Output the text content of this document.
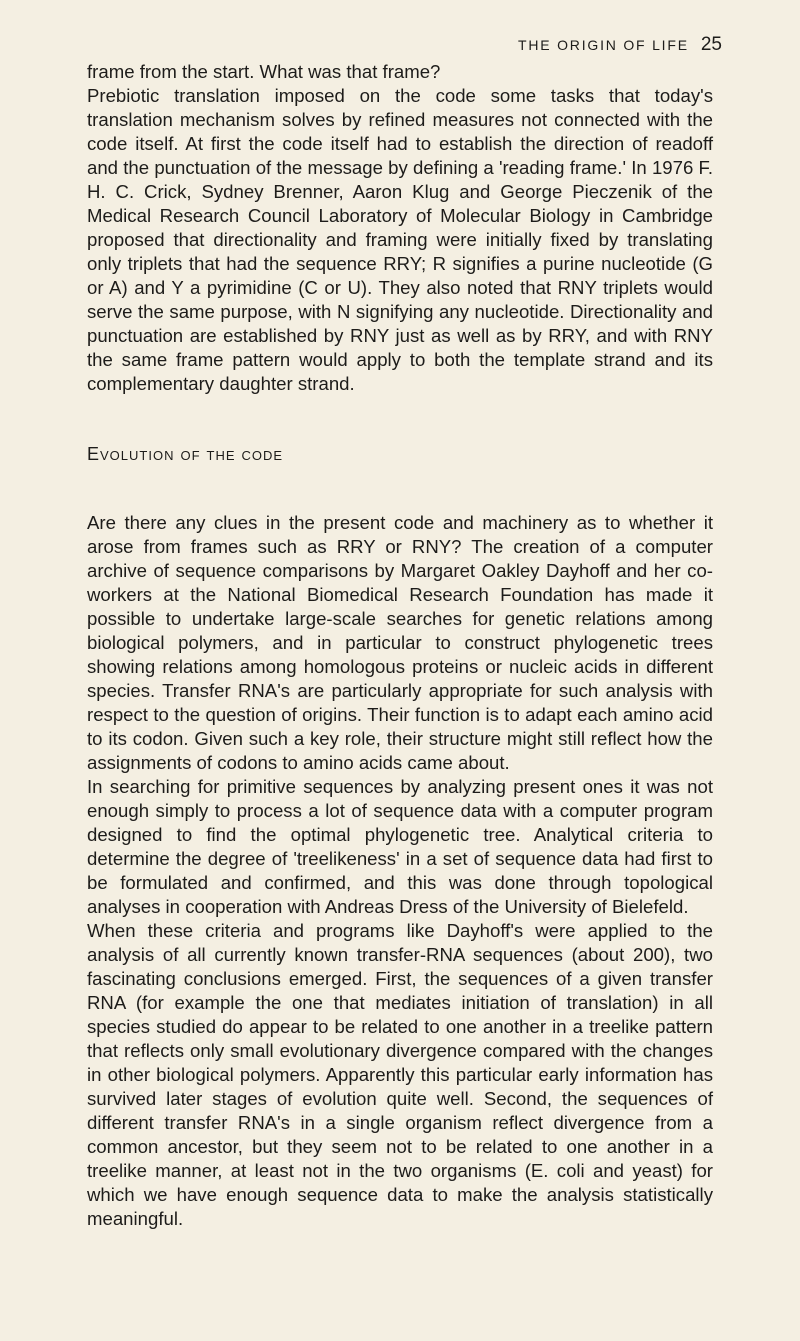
THE ORIGIN OF LIFE 25

frame from the start. What was that frame?

Prebiotic translation imposed on the code some tasks that today's translation mechanism solves by refined measures not connected with the code itself. At first the code itself had to establish the direction of readoff and the punctuation of the message by defining a 'reading frame.' In 1976 F. H. C. Crick, Sydney Brenner, Aaron Klug and George Pieczenik of the Medical Research Council Laboratory of Molecular Biology in Cambridge proposed that directionality and framing were initially fixed by translating only triplets that had the sequence RRY; R signifies a purine nucleotide (G or A) and Y a pyrimidine (C or U). They also noted that RNY triplets would serve the same purpose, with N signifying any nucleotide. Directionality and punctuation are established by RNY just as well as by RRY, and with RNY the same frame pattern would apply to both the template strand and its complementary daughter strand.

Evolution of the code

Are there any clues in the present code and machinery as to whether it arose from frames such as RRY or RNY? The creation of a computer archive of sequence comparisons by Margaret Oakley Dayhoff and her co-workers at the National Biomedical Research Foundation has made it possible to undertake large-scale searches for genetic relations among biological polymers, and in particular to construct phylogenetic trees showing relations among homologous proteins or nucleic acids in different species. Transfer RNA's are particularly appropriate for such analysis with respect to the question of origins. Their function is to adapt each amino acid to its codon. Given such a key role, their structure might still reflect how the assignments of codons to amino acids came about.

In searching for primitive sequences by analyzing present ones it was not enough simply to process a lot of sequence data with a computer program designed to find the optimal phylogenetic tree. Analytical criteria to determine the degree of 'treelikeness' in a set of sequence data had first to be formulated and confirmed, and this was done through topological analyses in cooperation with Andreas Dress of the University of Bielefeld.

When these criteria and programs like Dayhoff's were applied to the analysis of all currently known transfer-RNA sequences (about 200), two fascinating conclusions emerged. First, the sequences of a given transfer RNA (for example the one that mediates initiation of translation) in all species studied do appear to be related to one another in a treelike pattern that reflects only small evolutionary divergence compared with the changes in other biological polymers. Apparently this particular early information has survived later stages of evolution quite well. Second, the sequences of different transfer RNA's in a single organism reflect divergence from a common ancestor, but they seem not to be related to one another in a treelike manner, at least not in the two organisms (E. coli and yeast) for which we have enough sequence data to make the analysis statistically meaningful.
